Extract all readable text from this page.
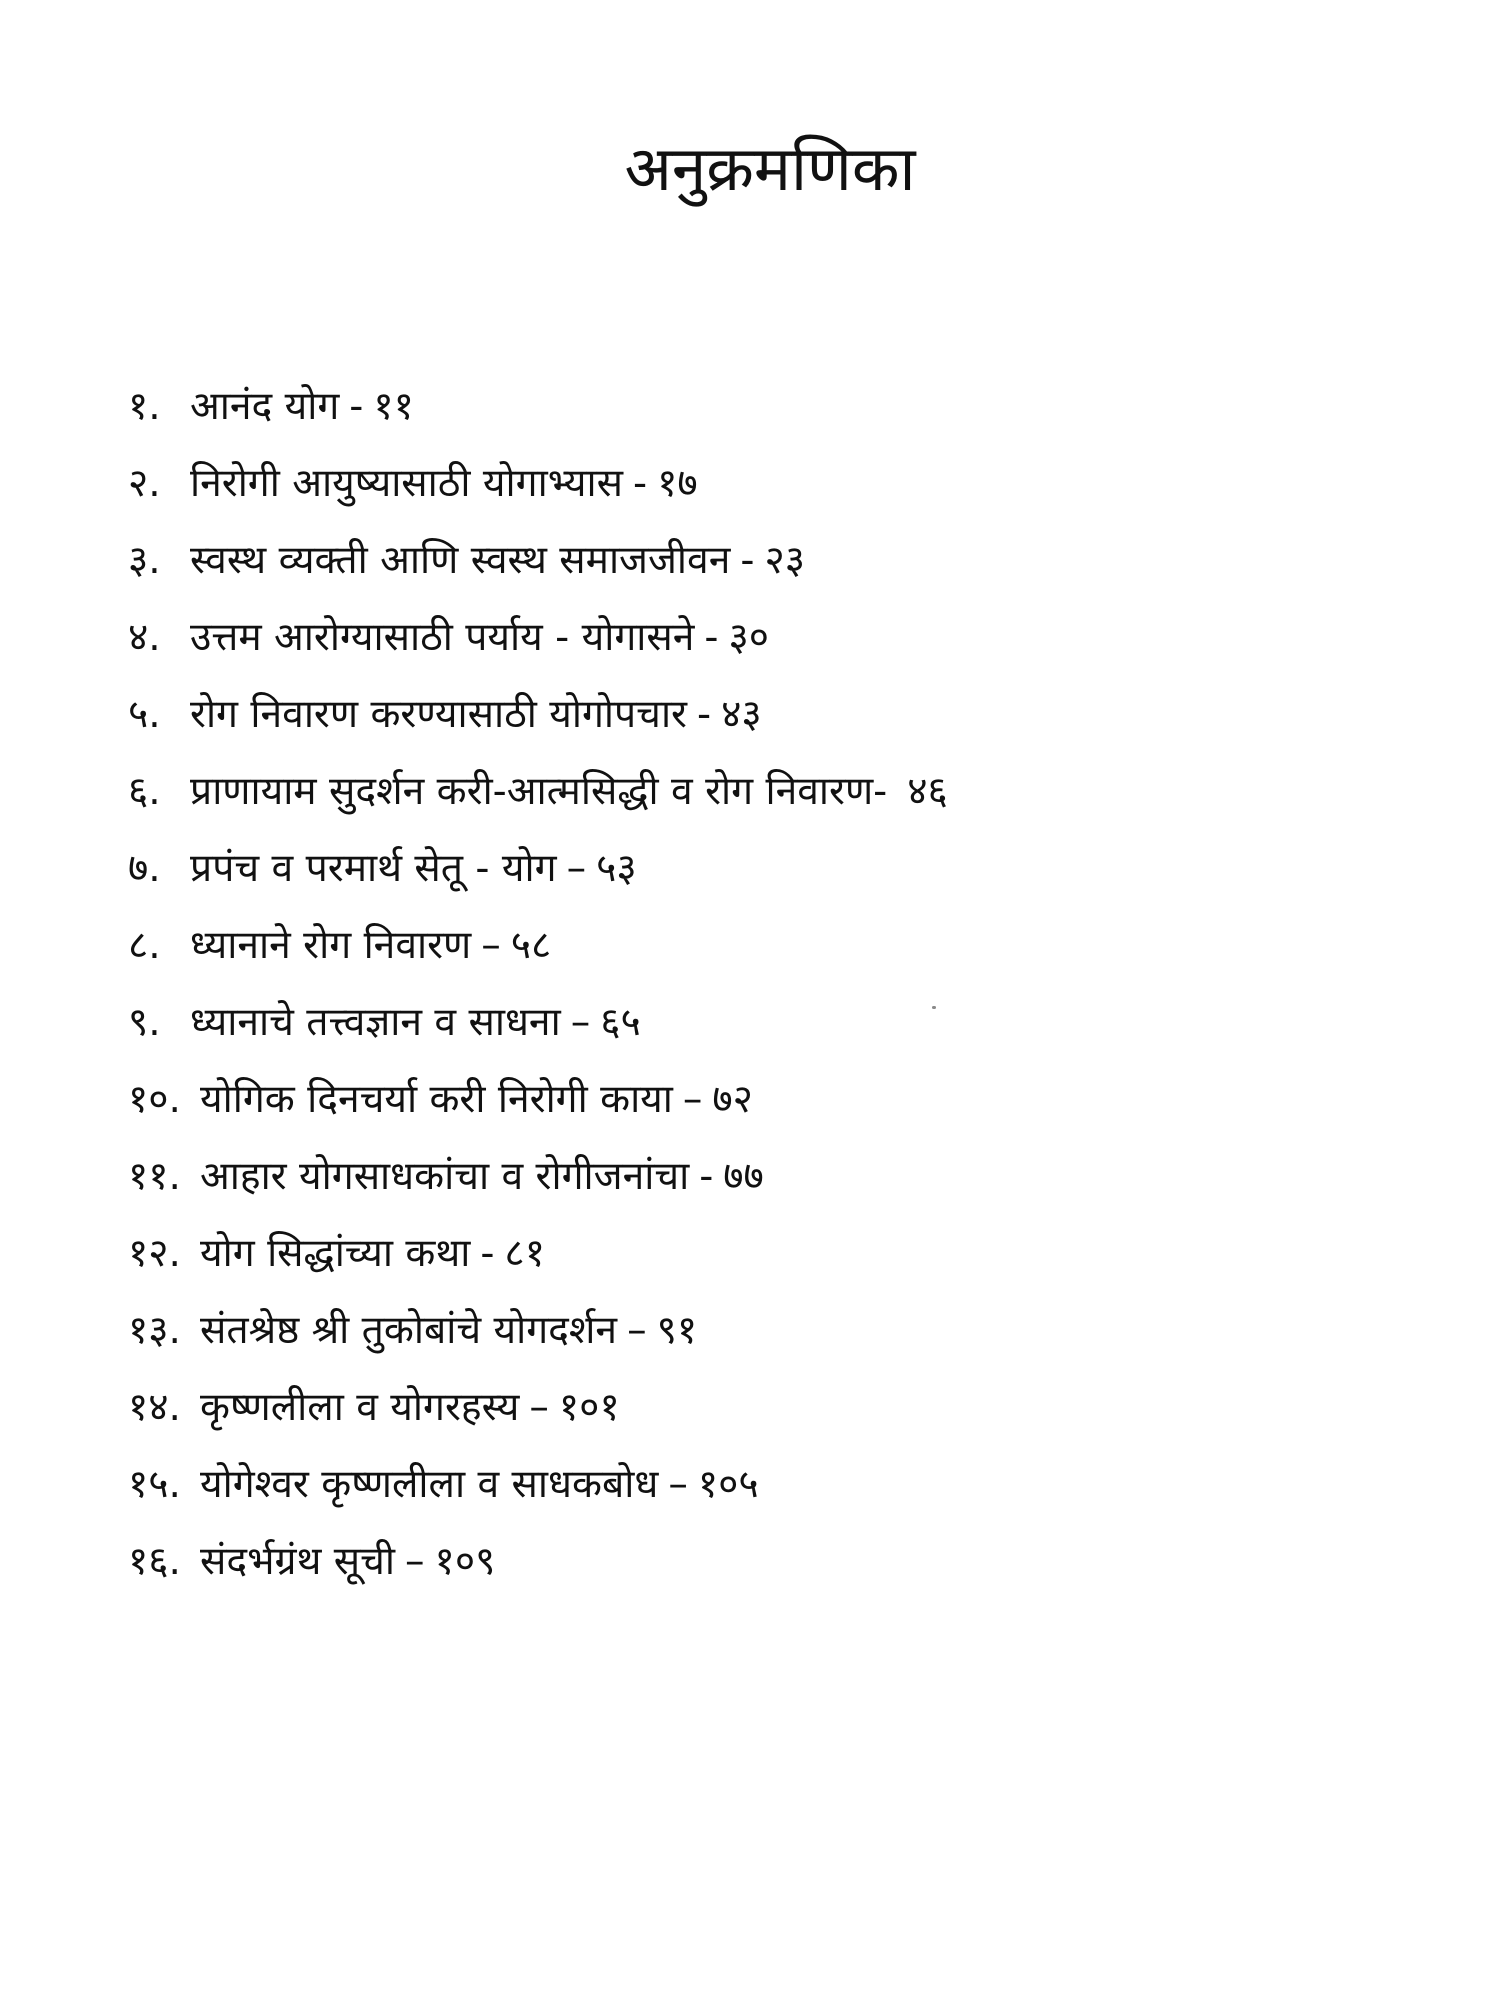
अनुक्रमणिका
१. आनंद योग - ११
२. निरोगी आयुष्यासाठी योगाभ्यास - १७
३. स्वस्थ व्यक्ती आणि स्वस्थ समाजजीवन - २३
४. उत्तम आरोग्यासाठी पर्याय - योगासने - ३०
५. रोग निवारण करण्यासाठी योगोपचार - ४३
६. प्राणायाम सुदर्शन करी-आत्मसिद्धी व रोग निवारण- ४६
७. प्रपंच व परमार्थ सेतू - योग – ५३
८. ध्यानाने रोग निवारण – ५८
९. ध्यानाचे तत्त्वज्ञान व साधना – ६५
१०. योगिक दिनचर्या करी निरोगी काया – ७२
११. आहार योगसाधकांचा व रोगीजनांचा - ७७
१२. योग सिद्धांच्या कथा - ८१
१३. संतश्रेष्ठ श्री तुकोबांचे योगदर्शन – ९१
१४. कृष्णलीला व योगरहस्य – १०१
१५. योगेश्वर कृष्णलीला व साधकबोध – १०५
१६. संदर्भग्रंथ सूची – १०९
